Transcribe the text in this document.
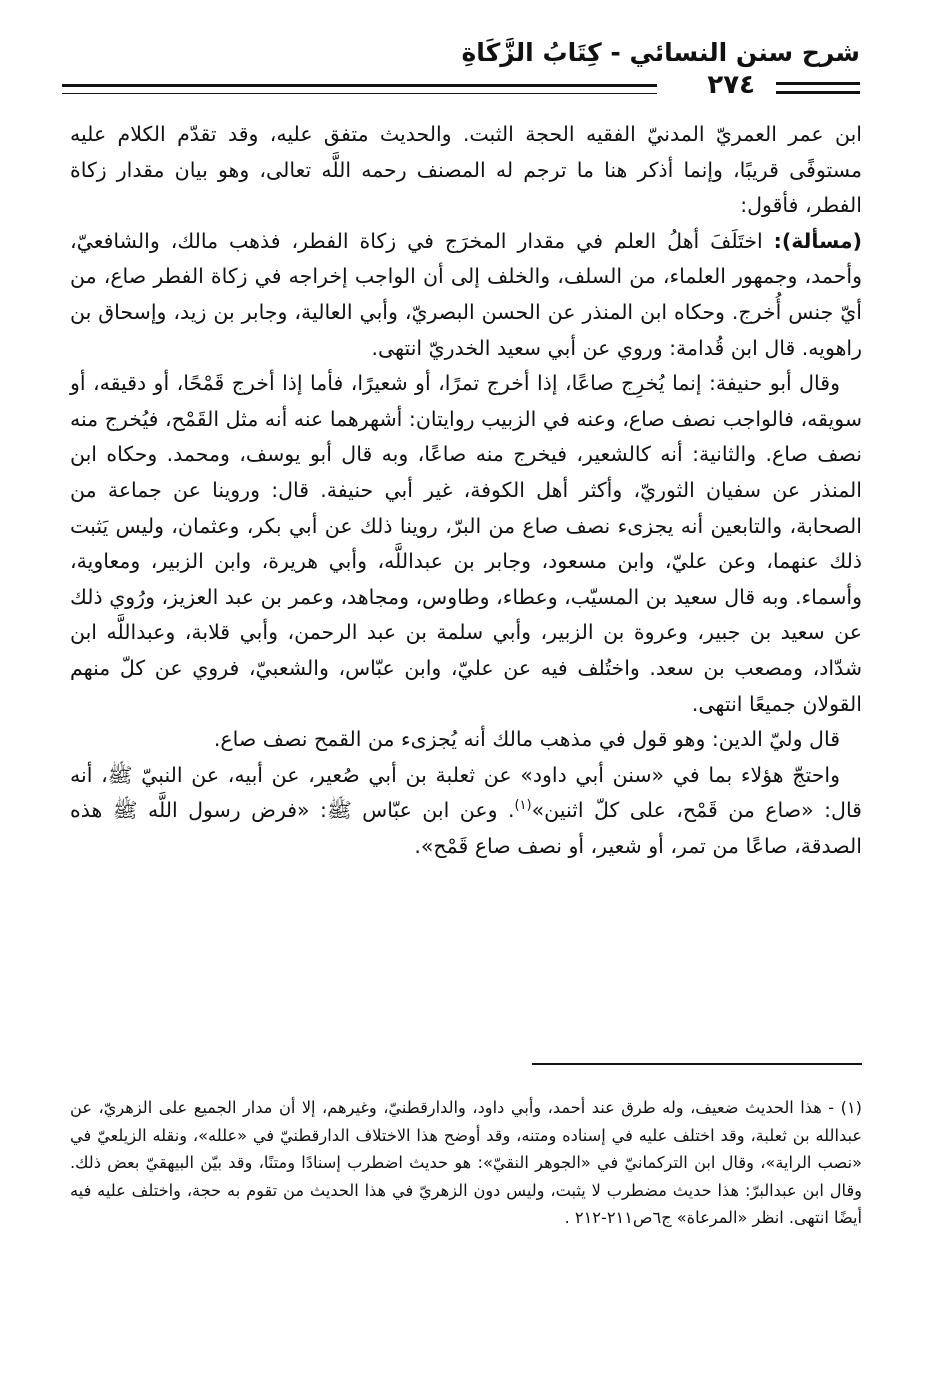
شرح سنن النسائي - كِتَابُ الزَّكَاةِ
٢٧٤

ابن عمر العمريّ المدنيّ الفقيه الحجة الثبت. والحديث متفق عليه، وقد تقدّم الكلام عليه مستوفًى قريبًا، وإنما أذكر هنا ما ترجم له المصنف رحمه اللَّه تعالى، وهو بيان مقدار زكاة الفطر، فأقول:

(مسألة): اختَلَفَ أهلُ العلم في مقدار المخرَج في زكاة الفطر، فذهب مالك، والشافعيّ، وأحمد، وجمهور العلماء، من السلف، والخلف إلى أن الواجب إخراجه في زكاة الفطر صاع، من أيّ جنس أُخرج. وحكاه ابن المنذر عن الحسن البصريّ، وأبي العالية، وجابر بن زيد، وإسحاق بن راهويه. قال ابن قُدامة: وروي عن أبي سعيد الخدريّ انتهى.

وقال أبو حنيفة: إنما يُخرِج صاعًا، إذا أخرج تمرًا، أو شعيرًا، فأما إذا أخرج قَمْحًا، أو دقيقه، أو سويقه، فالواجب نصف صاع، وعنه في الزبيب روايتان: أشهرهما عنه أنه مثل القَمْح، فيُخرج منه نصف صاع. والثانية: أنه كالشعير، فيخرج منه صاعًا، وبه قال أبو يوسف، ومحمد. وحكاه ابن المنذر عن سفيان الثوريّ، وأكثر أهل الكوفة، غير أبي حنيفة. قال: وروينا عن جماعة من الصحابة، والتابعين أنه يجزىء نصف صاع من البرّ، روينا ذلك عن أبي بكر، وعثمان، وليس يَثبت ذلك عنهما، وعن عليّ، وابن مسعود، وجابر بن عبداللَّه، وأبي هريرة، وابن الزبير، ومعاوية، وأسماء. وبه قال سعيد بن المسيّب، وعطاء، وطاوس، ومجاهد، وعمر بن عبد العزيز، ورُوي ذلك عن سعيد بن جبير، وعروة بن الزبير، وأبي سلمة بن عبد الرحمن، وأبي قلابة، وعبداللَّه ابن شدّاد، ومصعب بن سعد. واختُلف فيه عن عليّ، وابن عبّاس، والشعبيّ، فروي عن كلّ منهم القولان جميعًا انتهى.

قال وليّ الدين: وهو قول في مذهب مالك أنه يُجزىء من القمح نصف صاع.

واحتجّ هؤلاء بما في «سنن أبي داود» عن ثعلبة بن أبي صُعير، عن أبيه، عن النبيّ ﷺ، أنه قال: «صاع من قَمْح، على كلّ اثنين»$^{(١)}$. وعن ابن عبّاس ﷺ: «فرض رسول اللَّه ﷺ هذه الصدقة، صاعًا من تمر، أو شعير، أو نصف صاع قَمْح».

(١) - هذا الحديث ضعيف، وله طرق عند أحمد، وأبي داود، والدارقطنيّ، وغيرهم، إلا أن مدار الجميع على الزهريّ، عن عبدالله بن ثعلبة، وقد اختلف عليه في إسناده ومتنه، وقد أوضح هذا الاختلاف الدارقطنيّ في «علله»، ونقله الزيلعيّ في «نصب الراية»، وقال ابن التركمانيّ في «الجوهر النقيّ»: هو حديث اضطرب إسنادًا ومتنًا، وقد بيّن البيهقيّ بعض ذلك. وقال ابن عبدالبرّ: هذا حديث مضطرب لا يثبت، وليس دون الزهريّ في هذا الحديث من تقوم به حجة، واختلف عليه فيه أيضًا انتهى. انظر «المرعاة» ج٦ص٢١١-٢١٢ .
